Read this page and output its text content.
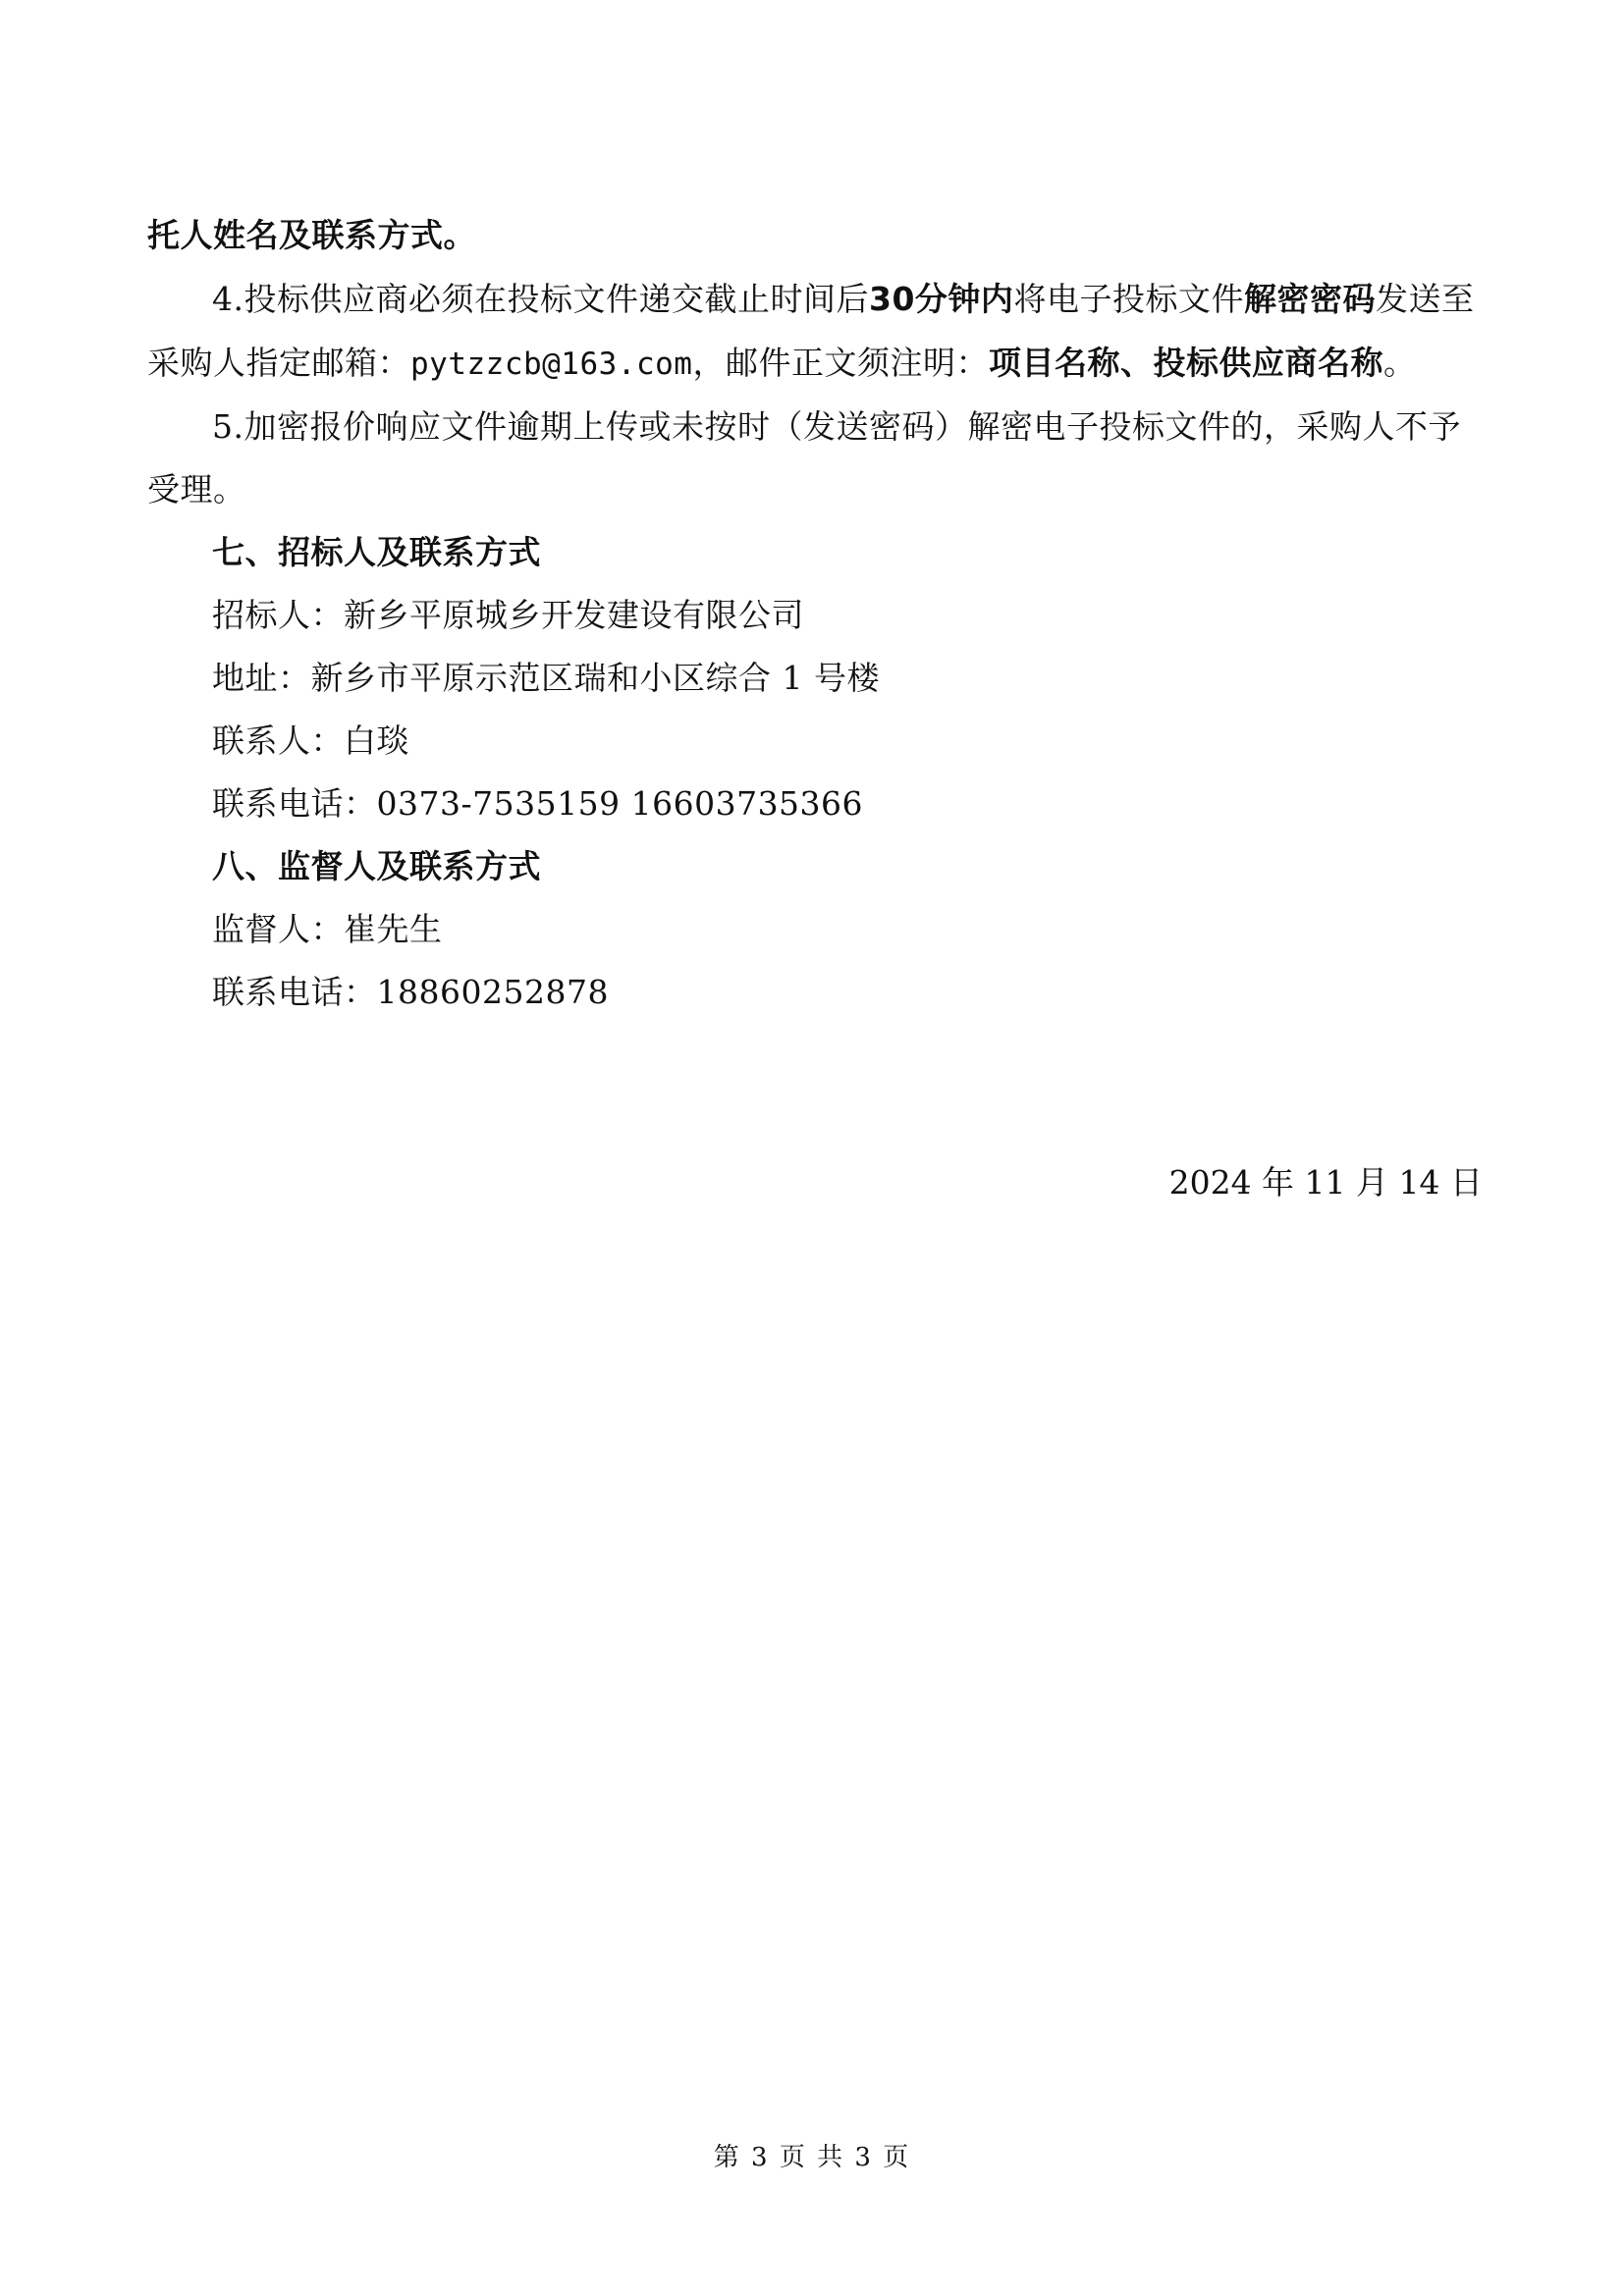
托人姓名及联系方式。
4.投标供应商必须在投标文件递交截止时间后30分钟内将电子投标文件解密密码发送至
采购人指定邮箱：pytzzcb@163.com，邮件正文须注明：项目名称、投标供应商名称。
5.加密报价响应文件逾期上传或未按时（发送密码）解密电子投标文件的，采购人不予
受理。
七、招标人及联系方式
招标人：新乡平原城乡开发建设有限公司
地址：新乡市平原示范区瑞和小区综合 1 号楼
联系人：白琰
联系电话：0373-7535159 16603735366
八、监督人及联系方式
监督人：崔先生
联系电话：18860252878
2024 年 11 月 14 日
第 3 页 共 3 页
